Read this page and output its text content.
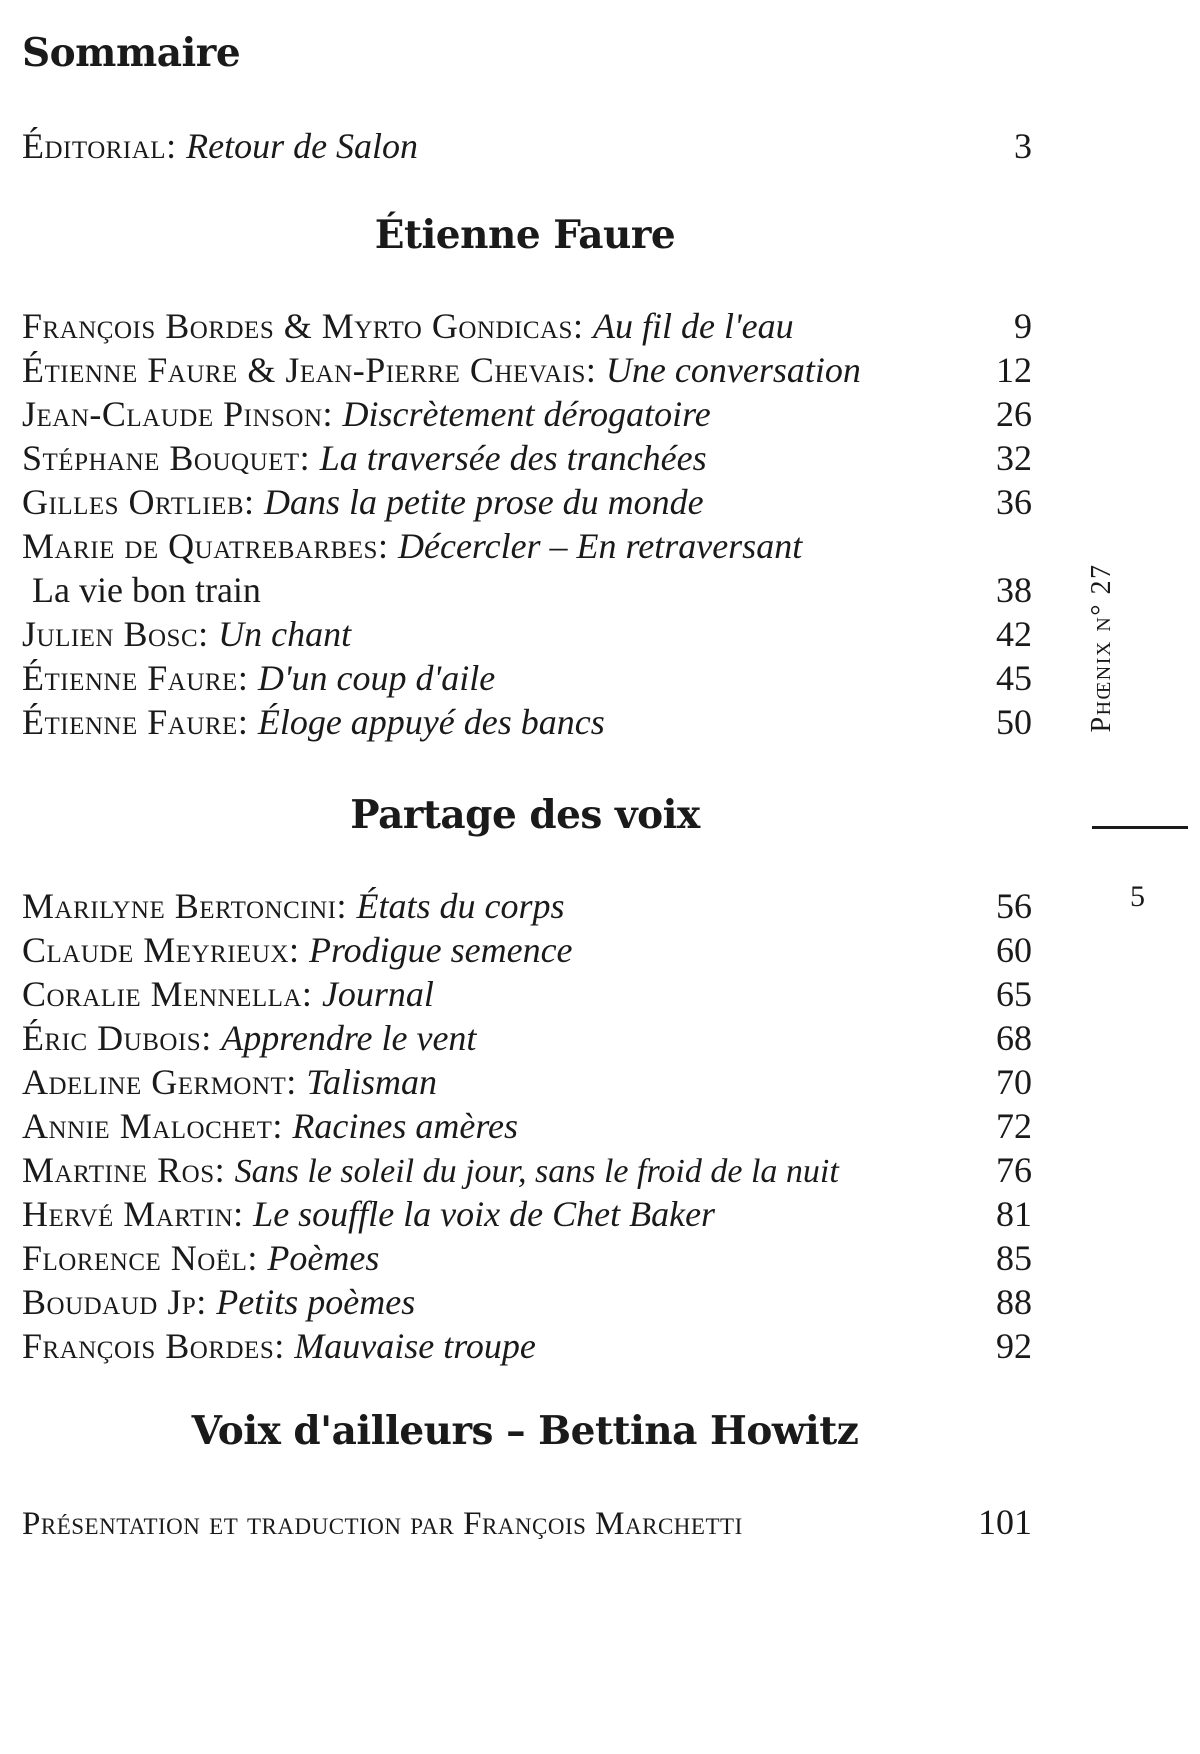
Sommaire
Éditorial: Retour de Salon	3
Étienne Faure
François Bordes & Myrto Gondicas: Au fil de l'eau	9
Étienne Faure & Jean-Pierre Chevais: Une conversation	12
Jean-Claude Pinson: Discrètement dérogatoire	26
Stéphane Bouquet: La traversée des tranchées	32
Gilles Ortlieb: Dans la petite prose du monde	36
Marie de Quatrebarbes: Décercler – En retraversant
La vie bon train	38
Julien Bosc: Un chant	42
Étienne Faure: D'un coup d'aile	45
Étienne Faure: Éloge appuyé des bancs	50
Partage des voix
Marilyne Bertoncini: États du corps	56
Claude Meyrieux: Prodigue semence	60
Coralie Mennella: Journal	65
Éric Dubois: Apprendre le vent	68
Adeline Germont: Talisman	70
Annie Malochet: Racines amères	72
Martine Ros: Sans le soleil du jour, sans le froid de la nuit	76
Hervé Martin: Le souffle la voix de Chet Baker	81
Florence Noël: Poèmes	85
Boudaud Jp: Petits poèmes	88
François Bordes: Mauvaise troupe	92
Voix d'ailleurs – Bettina Howitz
Présentation et traduction par François Marchetti	101
Phœnix n° 27
5
